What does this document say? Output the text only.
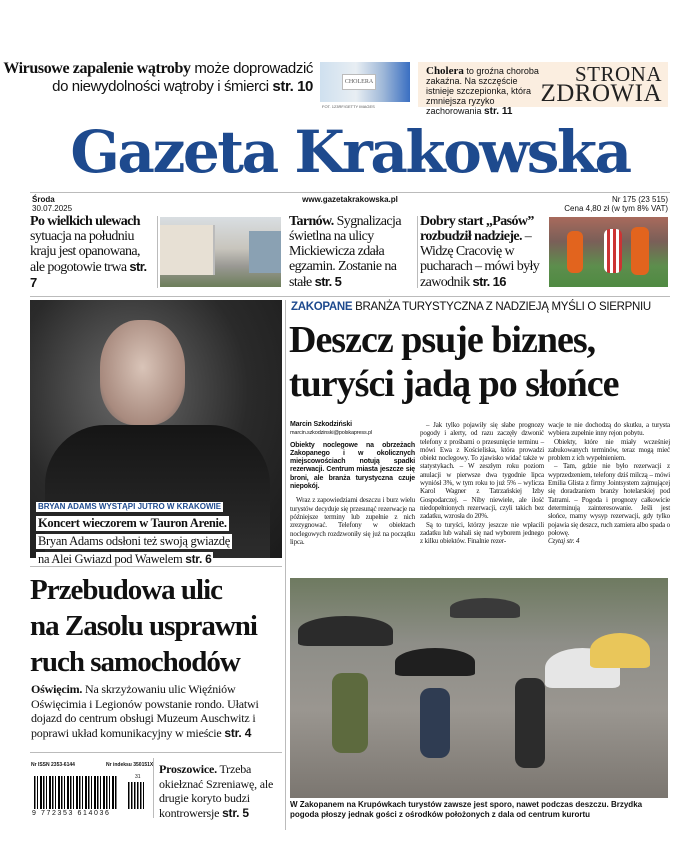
Wirusowe zapalenie wątroby może doprowadzić
do niewydolności wątroby i śmierci str. 10	CHOLERA
FOT. 123RF/GETTY IMAGES
Cholera to groźna choroba zakaźna. Na szczęście istnieje szczepionka, która zmniejsza ryzyko zachorowania str. 11
STRONA
ZDROWIA
Gazeta Krakowska
Środa
30.07.2025
www.gazetakrakowska.pl	Nr 175 (23 515)
Cena 4,80 zł (w tym 8% VAT)
Po wielkich ulewach sytuacja na południu kraju jest opanowana, ale pogotowie trwa str. 7
Tarnów. Sygnalizacja świetlna na ulicy Mickiewicza zdała egzamin. Zostanie na stałe str. 5
Dobry start „Pasów” rozbudził nadzieje. – Widzę Cracovię w pucharach – mówi były zawodnik str. 16
BRYAN ADAMS WYSTĄPI JUTRO W KRAKOWIE
Koncert wieczorem w Tauron Arenie.
Bryan Adams odsłoni też swoją gwiazdę
na Alei Gwiazd pod Wawelem str. 6
ZAKOPANE BRANŻA TURYSTYCZNA Z NADZIEJĄ MYŚLI O SIERPNIU
Deszcz psuje biznes,
turyści jadą po słońce
Marcin Szkodziński
marcin.szkodzinski@polskapress.pl
Obiekty noclegowe na obrzeżach Zakopanego i w okolicznych miejscowościach notują spadki rezerwacji. Centrum miasta jeszcze się broni, ale branża turystyczna czuje niepokój.

Wraz z zapowiedziami deszczu i burz wielu turystów decyduje się przesunąć rezerwacje na późniejsze terminy lub zupełnie z nich zrezygnować. Telefony w obiektach noclegowych rozdzwoniły się już na początku lipca.

– Jak tylko pojawiły się słabe prognozy pogody i alerty, od razu zaczęły dzwonić telefony z prośbami o przesunięcie terminu – mówi Ewa z Kościeliska, która prowadzi obiekt noclegowy. To zjawisko widać także w statystykach. – W zeszłym roku poziom anulacji w pierwsze dwa tygodnie lipca wyniósł 3%, w tym roku to już 5% – wylicza Karol Wagner z Tatrzańskiej Izby Gospodarczej. – Niby niewiele, ale ilość niedopełnionych rezerwacji, czyli takich bez zadatku, wzrosła do 20%.

Są to turyści, którzy jeszcze nie wpłacili zadatku lub wahali się nad wyborem jednego z kilku obiektów. Finalnie rezer-

wacje te nie dochodzą do skutku, a turysta wybiera zupełnie inny rejon pobytu.

Obiekty, które nie miały wcześniej zabukowanych terminów, teraz mogą mieć problem z ich wypełnieniem.

– Tam, gdzie nie było rezerwacji z wyprzedzeniem, telefony dziś milczą – mówi Emilia Glista z firmy Jointsystem zajmującej się doradzaniem branży hotelarskiej pod Tatrami. – Pogoda i prognozy całkowicie determinują zainteresowanie. Jeśli jest słońce, mamy wysyp rezerwacji, gdy tylko pojawia się deszcz, ruch zamiera albo spada o połowę.

Czytaj str. 4

W Zakopanem na Krupówkach turystów zawsze jest sporo, nawet podczas deszczu. Brzydka pogoda płoszy jednak gości z ośrodków położonych z dala od centrum kurortu
Przebudowa ulic
na Zasolu usprawni
ruch samochodów
Oświęcim. Na skrzyżowaniu ulic Więźniów Oświęcimia i Legionów powstanie rondo. Ułatwi dojazd do centrum obsługi Muzeum Auschwitz i poprawi układ komunikacyjny w mieście str. 4
Nr ISSN 2353-6144	Nr indeksu 350151X
31
9 772353 614036
Proszowice. Trzeba okiełznać Szreniawę, ale drugie koryto budzi kontrowersje str. 5
